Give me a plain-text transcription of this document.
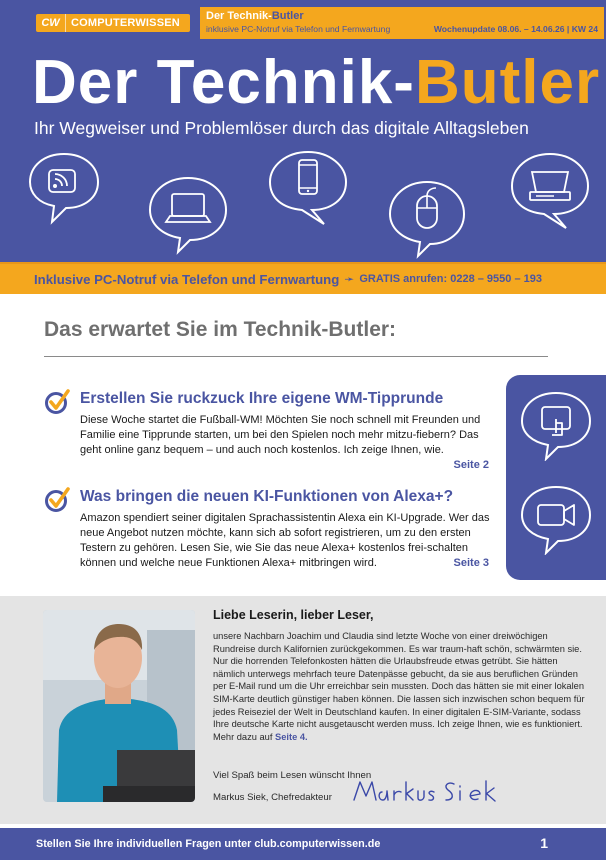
CW	COMPUTERWISSEN
Der Technik-Butler
inklusive PC-Notruf via Telefon und Fernwartung	Wochenupdate 08.06. – 14.06.26 | KW 24
Der Technik-Butler
Ihr Wegweiser und Problemlöser durch das digitale Alltagsleben
Inklusive PC-Notruf via Telefon und Fernwartung ➛ GRATIS anrufen: 0228 – 9550 – 193
Das erwartet Sie im Technik-Butler:
Erstellen Sie ruckzuck Ihre eigene WM-Tipprunde
Diese Woche startet die Fußball-WM! Möchten Sie noch schnell mit Freunden und Familie eine Tipprunde starten, um bei den Spielen noch mehr mitzu-fiebern? Das geht online ganz bequem – und auch noch kostenlos. Ich zeige Ihnen, wie.
Seite 2
Was bringen die neuen KI-Funktionen von Alexa+?
Amazon spendiert seiner digitalen Sprachassistentin Alexa ein KI-Upgrade. Wer das neue Angebot nutzen möchte, kann sich ab sofort registrieren, um zu den ersten Testern zu gehören. Lesen Sie, wie Sie das neue Alexa+ kostenlos frei-schalten können und welche neue Funktionen Alexa+ mitbringen wird.	Seite 3
Liebe Leserin, lieber Leser,
unsere Nachbarn Joachim und Claudia sind letzte Woche von einer dreiwöchigen Rundreise durch Kalifornien zurückgekommen. Es war traum-haft schön, schwärmten sie. Nur die horrenden Telefonkosten hätten die Urlaubsfreude etwas getrübt. Sie hätten nämlich unterwegs mehrfach teure Datenpässe gebucht, da sie aus beruflichen Gründen per E-Mail rund um die Uhr erreichbar sein mussten. Doch das hätten sie mit einer lokalen SIM-Karte deutlich günstiger haben können. Die lassen sich inzwischen schon bequem für jedes Reiseziel der Welt in Deutschland kaufen. In einer digitalen E-SIM-Variante, sodass Ihre deutsche Karte nicht ausgetauscht werden muss. Ich zeige Ihnen, wie es funktioniert. Mehr dazu auf Seite 4.
Viel Spaß beim Lesen wünscht Ihnen
Markus Siek, Chefredakteur
Stellen Sie Ihre individuellen Fragen unter club.computerwissen.de	1
